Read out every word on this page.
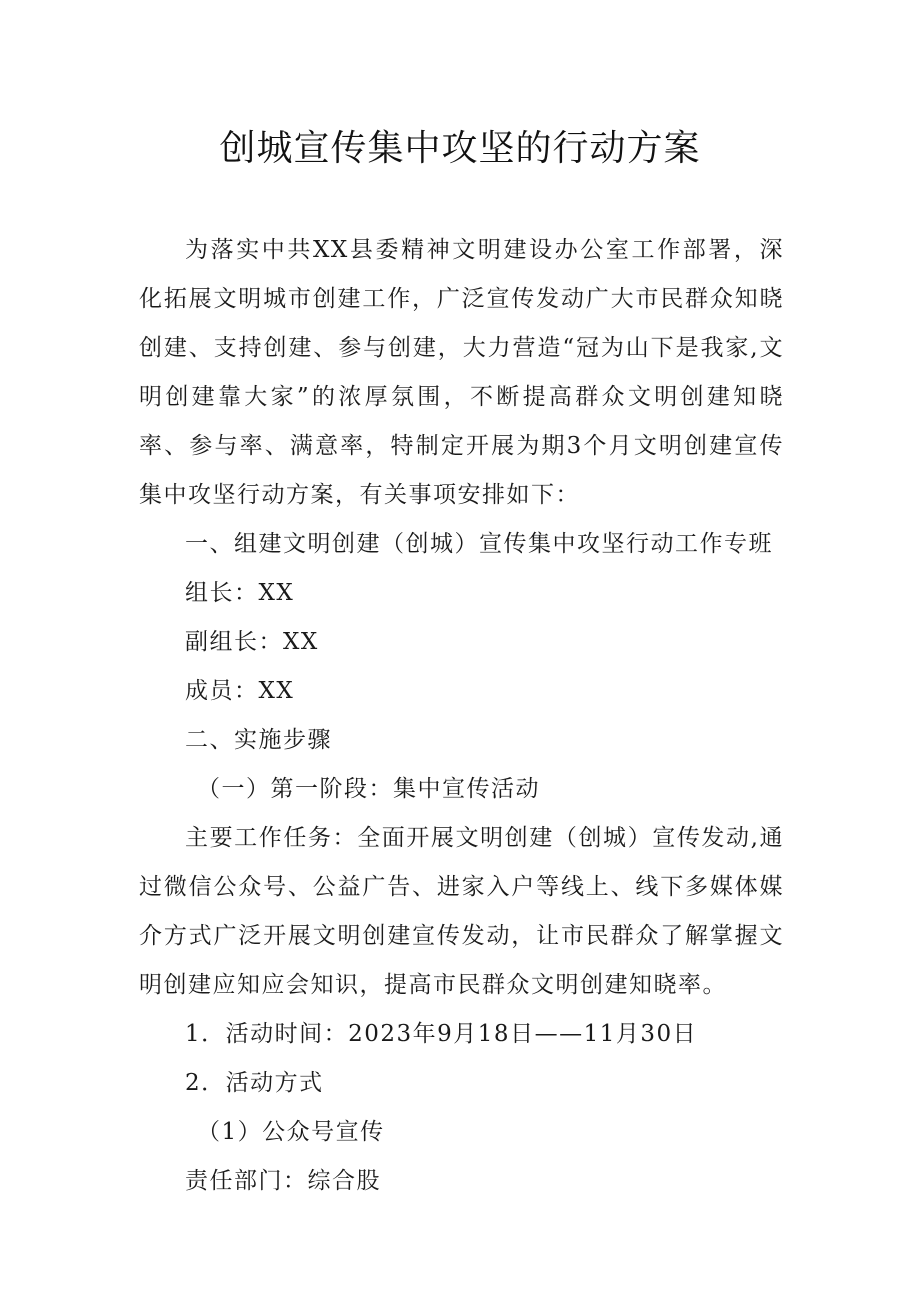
创城宣传集中攻坚的行动方案

为落实中共XX县委精神文明建设办公室工作部署，深化拓展文明城市创建工作，广泛宣传发动广大市民群众知晓创建、支持创建、参与创建，大力营造“冠为山下是我家,文明创建靠大家”的浓厚氛围，不断提高群众文明创建知晓率、参与率、满意率，特制定开展为期3个月文明创建宣传集中攻坚行动方案，有关事项安排如下：

一、组建文明创建（创城）宣传集中攻坚行动工作专班

组长：XX

副组长：XX

成员：XX

二、实施步骤

（一）第一阶段：集中宣传活动

主要工作任务：全面开展文明创建（创城）宣传发动,通过微信公众号、公益广告、进家入户等线上、线下多媒体媒介方式广泛开展文明创建宣传发动，让市民群众了解掌握文明创建应知应会知识，提高市民群众文明创建知晓率。

1．活动时间：2023年9月18日——11月30日

2．活动方式

（1）公众号宣传

责任部门：综合股
